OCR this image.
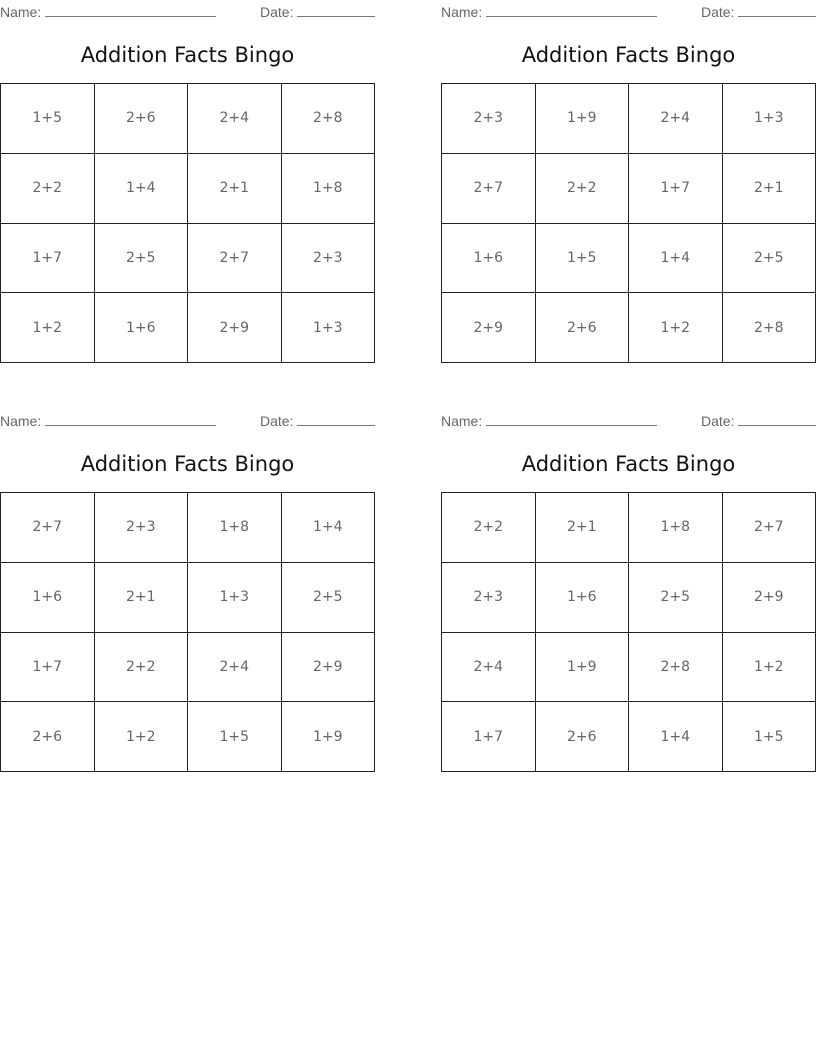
Name:	Date:
Addition Facts Bingo
1+5	2+6	2+4	2+8
2+2	1+4	2+1	1+8
1+7	2+5	2+7	2+3
1+2	1+6	2+9	1+3
Name:	Date:
Addition Facts Bingo
2+3	1+9	2+4	1+3
2+7	2+2	1+7	2+1
1+6	1+5	1+4	2+5
2+9	2+6	1+2	2+8
Name:	Date:
Addition Facts Bingo
2+7	2+3	1+8	1+4
1+6	2+1	1+3	2+5
1+7	2+2	2+4	2+9
2+6	1+2	1+5	1+9
Name:	Date:
Addition Facts Bingo
2+2	2+1	1+8	2+7
2+3	1+6	2+5	2+9
2+4	1+9	2+8	1+2
1+7	2+6	1+4	1+5
